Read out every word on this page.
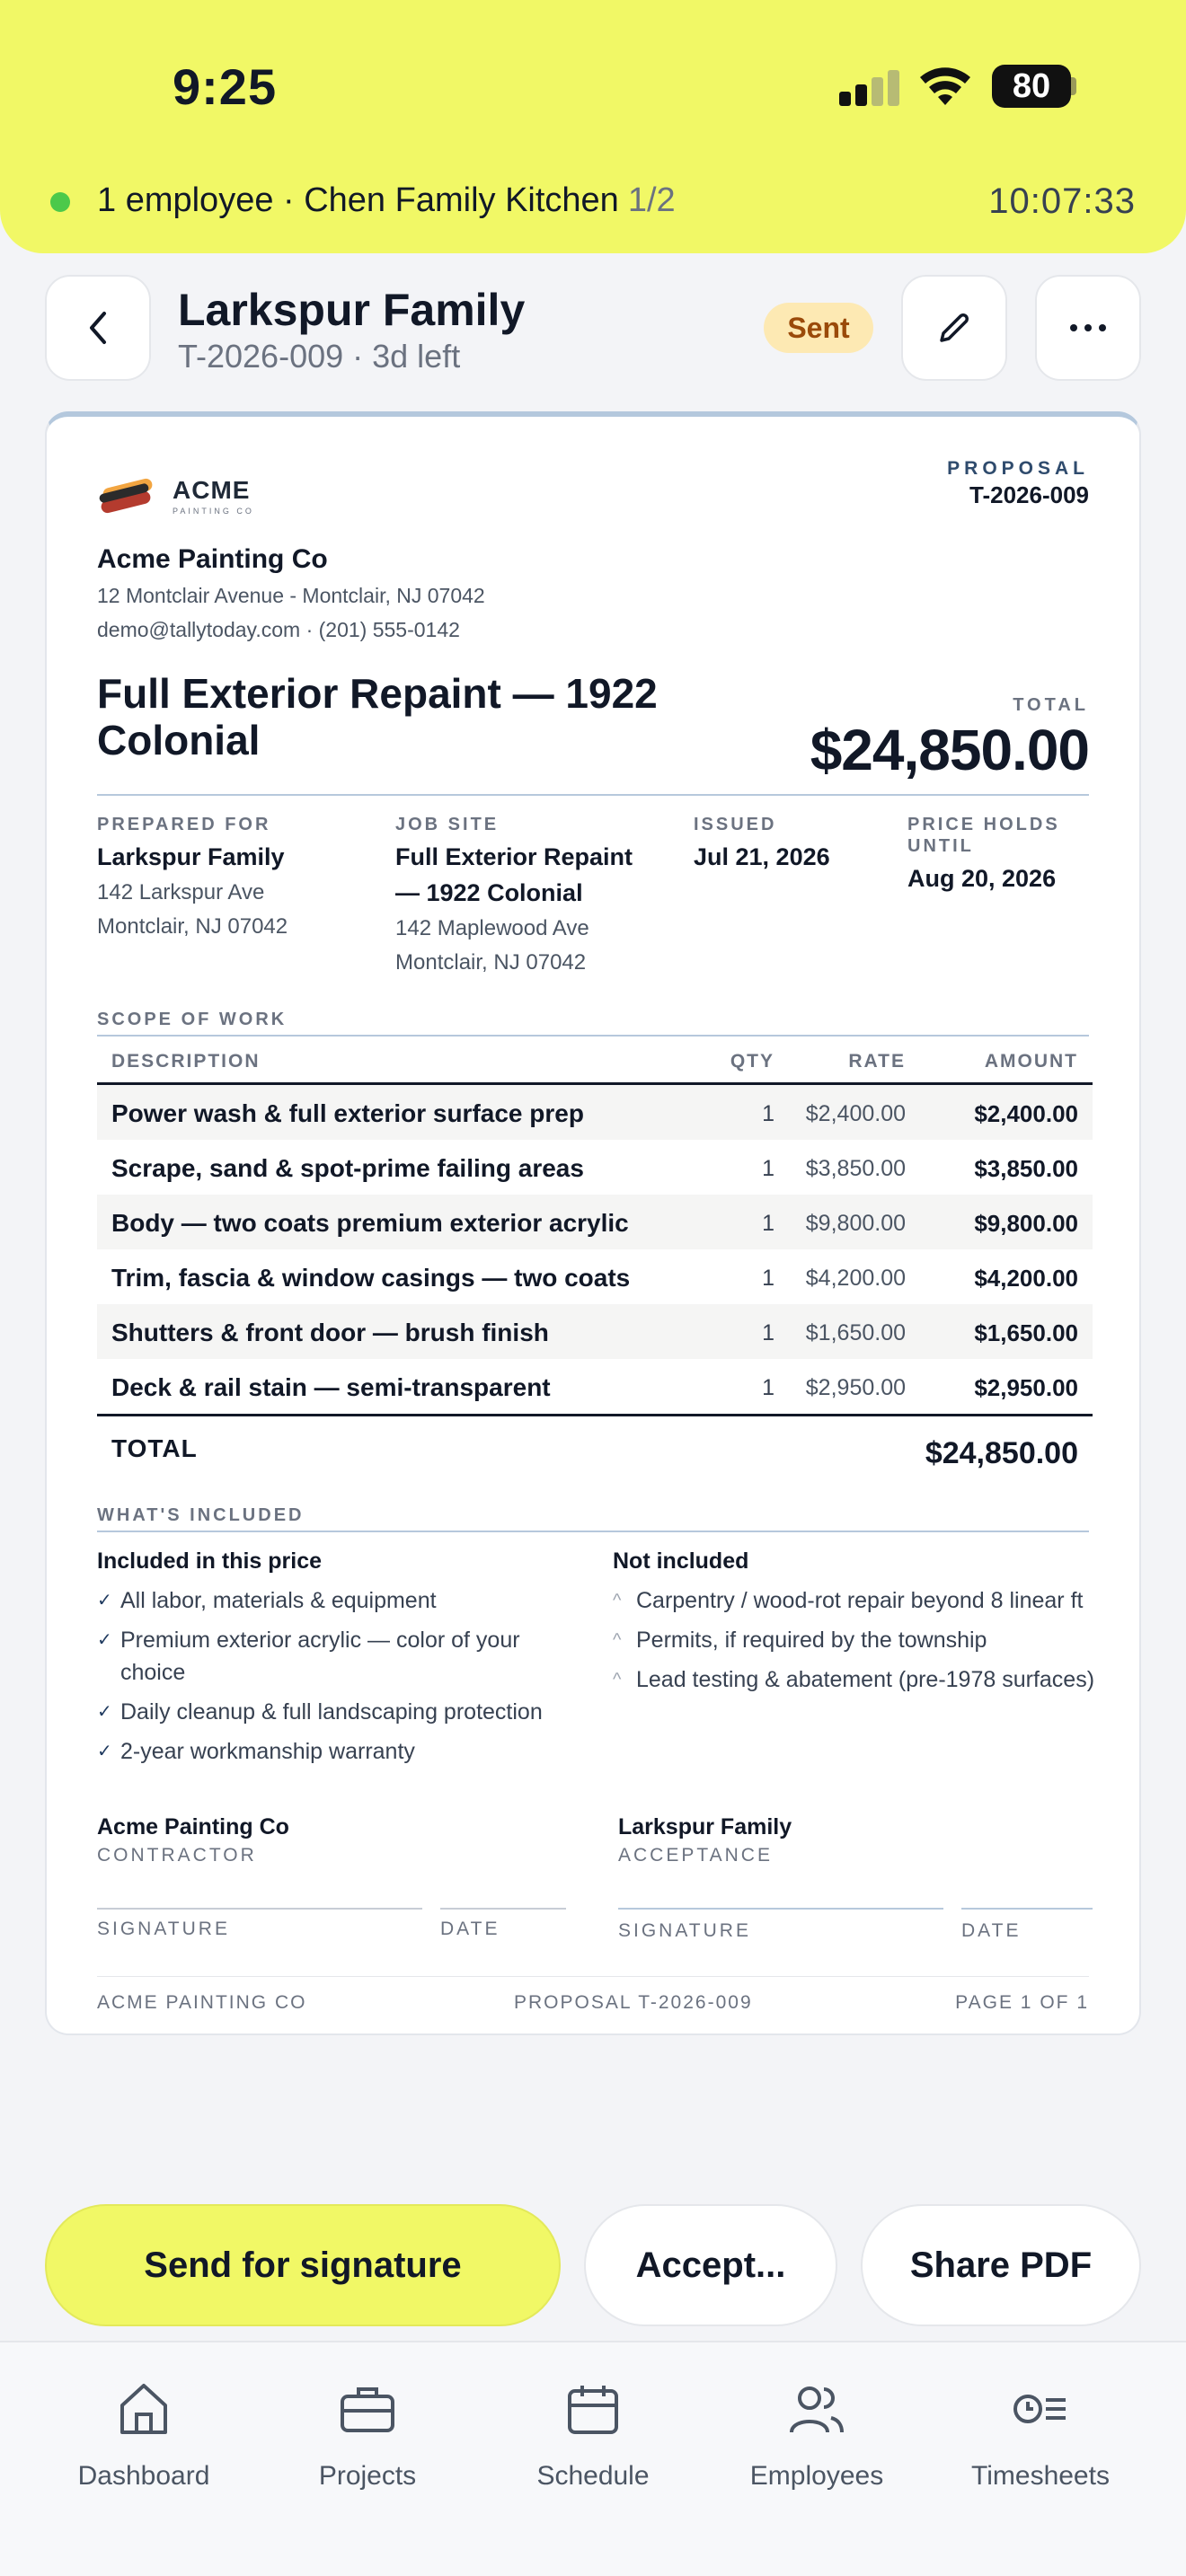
9:25	80
1 employee · Chen Family Kitchen 1/2	10:07:33
Larkspur Family
T-2026-009 · 3d left
Sent
ACME
PAINTING CO
PROPOSAL
T-2026-009
Acme Painting Co
12 Montclair Avenue - Montclair, NJ 07042
demo@tallytoday.com · (201) 555-0142
Full Exterior Repaint — 1922 Colonial
TOTAL
$24,850.00
PREPARED FOR
Larkspur Family
142 Larkspur Ave
Montclair, NJ 07042
JOB SITE
Full Exterior Repaint
— 1922 Colonial
142 Maplewood Ave
Montclair, NJ 07042
ISSUED
Jul 21, 2026
PRICE HOLDS
UNTIL
Aug 20, 2026
SCOPE OF WORK
DESCRIPTION	QTY	RATE	AMOUNT
Power wash & full exterior surface prep	1 $2,400.00	$2,400.00
Scrape, sand & spot-prime failing areas	1 $3,850.00	$3,850.00
Body — two coats premium exterior acrylic	1 $9,800.00	$9,800.00
Trim, fascia & window casings — two coats	1 $4,200.00	$4,200.00
Shutters & front door — brush finish	1 $1,650.00	$1,650.00
Deck & rail stain — semi-transparent	1 $2,950.00	$2,950.00
TOTAL	$24,850.00
WHAT'S INCLUDED
Included in this price
✓ All labor, materials & equipment
✓ Premium exterior acrylic — color of your choice
✓ Daily cleanup & full landscaping protection
✓ 2-year workmanship warranty
Not included
^ Carpentry / wood-rot repair beyond 8 linear ft
^ Permits, if required by the township
^ Lead testing & abatement (pre-1978 surfaces)
Acme Painting Co
CONTRACTOR
SIGNATURE	DATE
Larkspur Family
ACCEPTANCE
SIGNATURE	DATE
ACME PAINTING CO	PROPOSAL T-2026-009	PAGE 1 OF 1
Send for signature	Accept...	Share PDF
Dashboard	Projects	Schedule	Employees	Timesheets
